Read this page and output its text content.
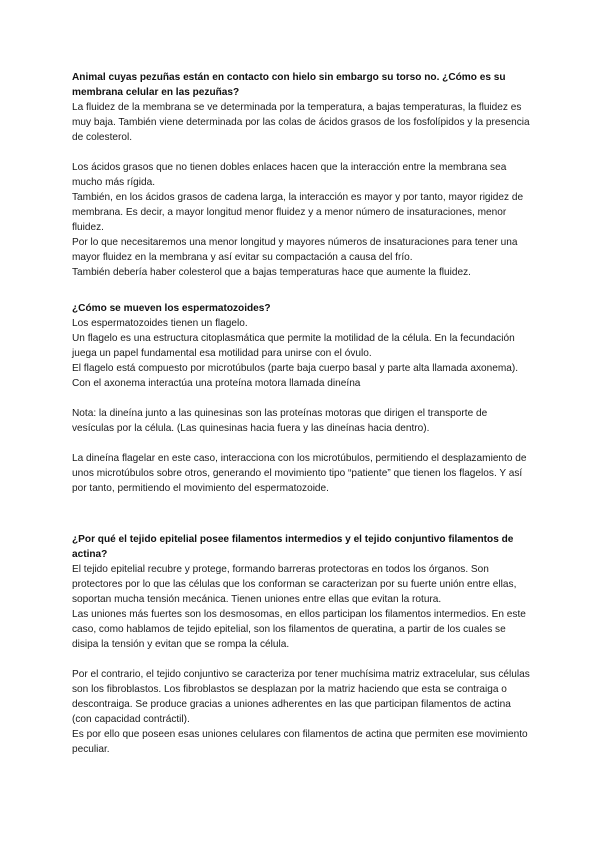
Animal cuyas pezuñas están en contacto con hielo sin embargo su torso no. ¿Cómo es su membrana celular en las pezuñas?

La fluidez de la membrana se ve determinada por la temperatura, a bajas temperaturas, la fluidez es muy baja. También viene determinada por las colas de ácidos grasos de los fosfolípidos y la presencia de colesterol.

Los ácidos grasos que no tienen dobles enlaces hacen que la interacción entre la membrana sea mucho más rígida.

También, en los ácidos grasos de cadena larga, la interacción es mayor y por tanto, mayor rigidez de membrana. Es decir, a mayor longitud menor fluidez y a menor número de insaturaciones, menor fluidez.

Por lo que necesitaremos una menor longitud y mayores números de insaturaciones para tener una mayor fluidez en la membrana y así evitar su compactación a causa del frío.

También debería haber colesterol que a bajas temperaturas hace que aumente la fluidez.

¿Cómo se mueven los espermatozoides?

Los espermatozoides tienen un flagelo.

Un flagelo es una estructura citoplasmática que permite la motilidad de la célula. En la fecundación juega un papel fundamental esa motilidad para unirse con el óvulo.

El flagelo está compuesto por microtúbulos (parte baja cuerpo basal y parte alta llamada axonema). Con el axonema interactúa una proteína motora llamada dineína

Nota: la dineína junto a las quinesinas son las proteínas motoras que dirigen el transporte de vesículas por la célula. (Las quinesinas hacia fuera y las dineínas hacia dentro).

La dineína flagelar en este caso, interacciona con los microtúbulos, permitiendo el desplazamiento de unos microtúbulos sobre otros, generando el movimiento tipo “patiente” que tienen los flagelos. Y así por tanto, permitiendo el movimiento del espermatozoide.

¿Por qué el tejido epitelial posee filamentos intermedios y el tejido conjuntivo filamentos de actina?

El tejido epitelial recubre y protege, formando barreras protectoras en todos los órganos. Son protectores por lo que las células que los conforman se caracterizan por su fuerte unión entre ellas, soportan mucha tensión mecánica. Tienen uniones entre ellas que evitan la rotura.

Las uniones más fuertes son los desmosomas, en ellos participan los filamentos intermedios. En este caso, como hablamos de tejido epitelial, son los filamentos de queratina, a partir de los cuales se disipa la tensión y evitan que se rompa la célula.

Por el contrario, el tejido conjuntivo se caracteriza por tener muchísima matriz extracelular, sus células son los fibroblastos. Los fibroblastos se desplazan por la matriz haciendo que esta se contraiga o descontraiga. Se produce gracias a uniones adherentes en las que participan filamentos de actina (con capacidad contráctil).

Es por ello que poseen esas uniones celulares con filamentos de actina que permiten ese movimiento peculiar.
